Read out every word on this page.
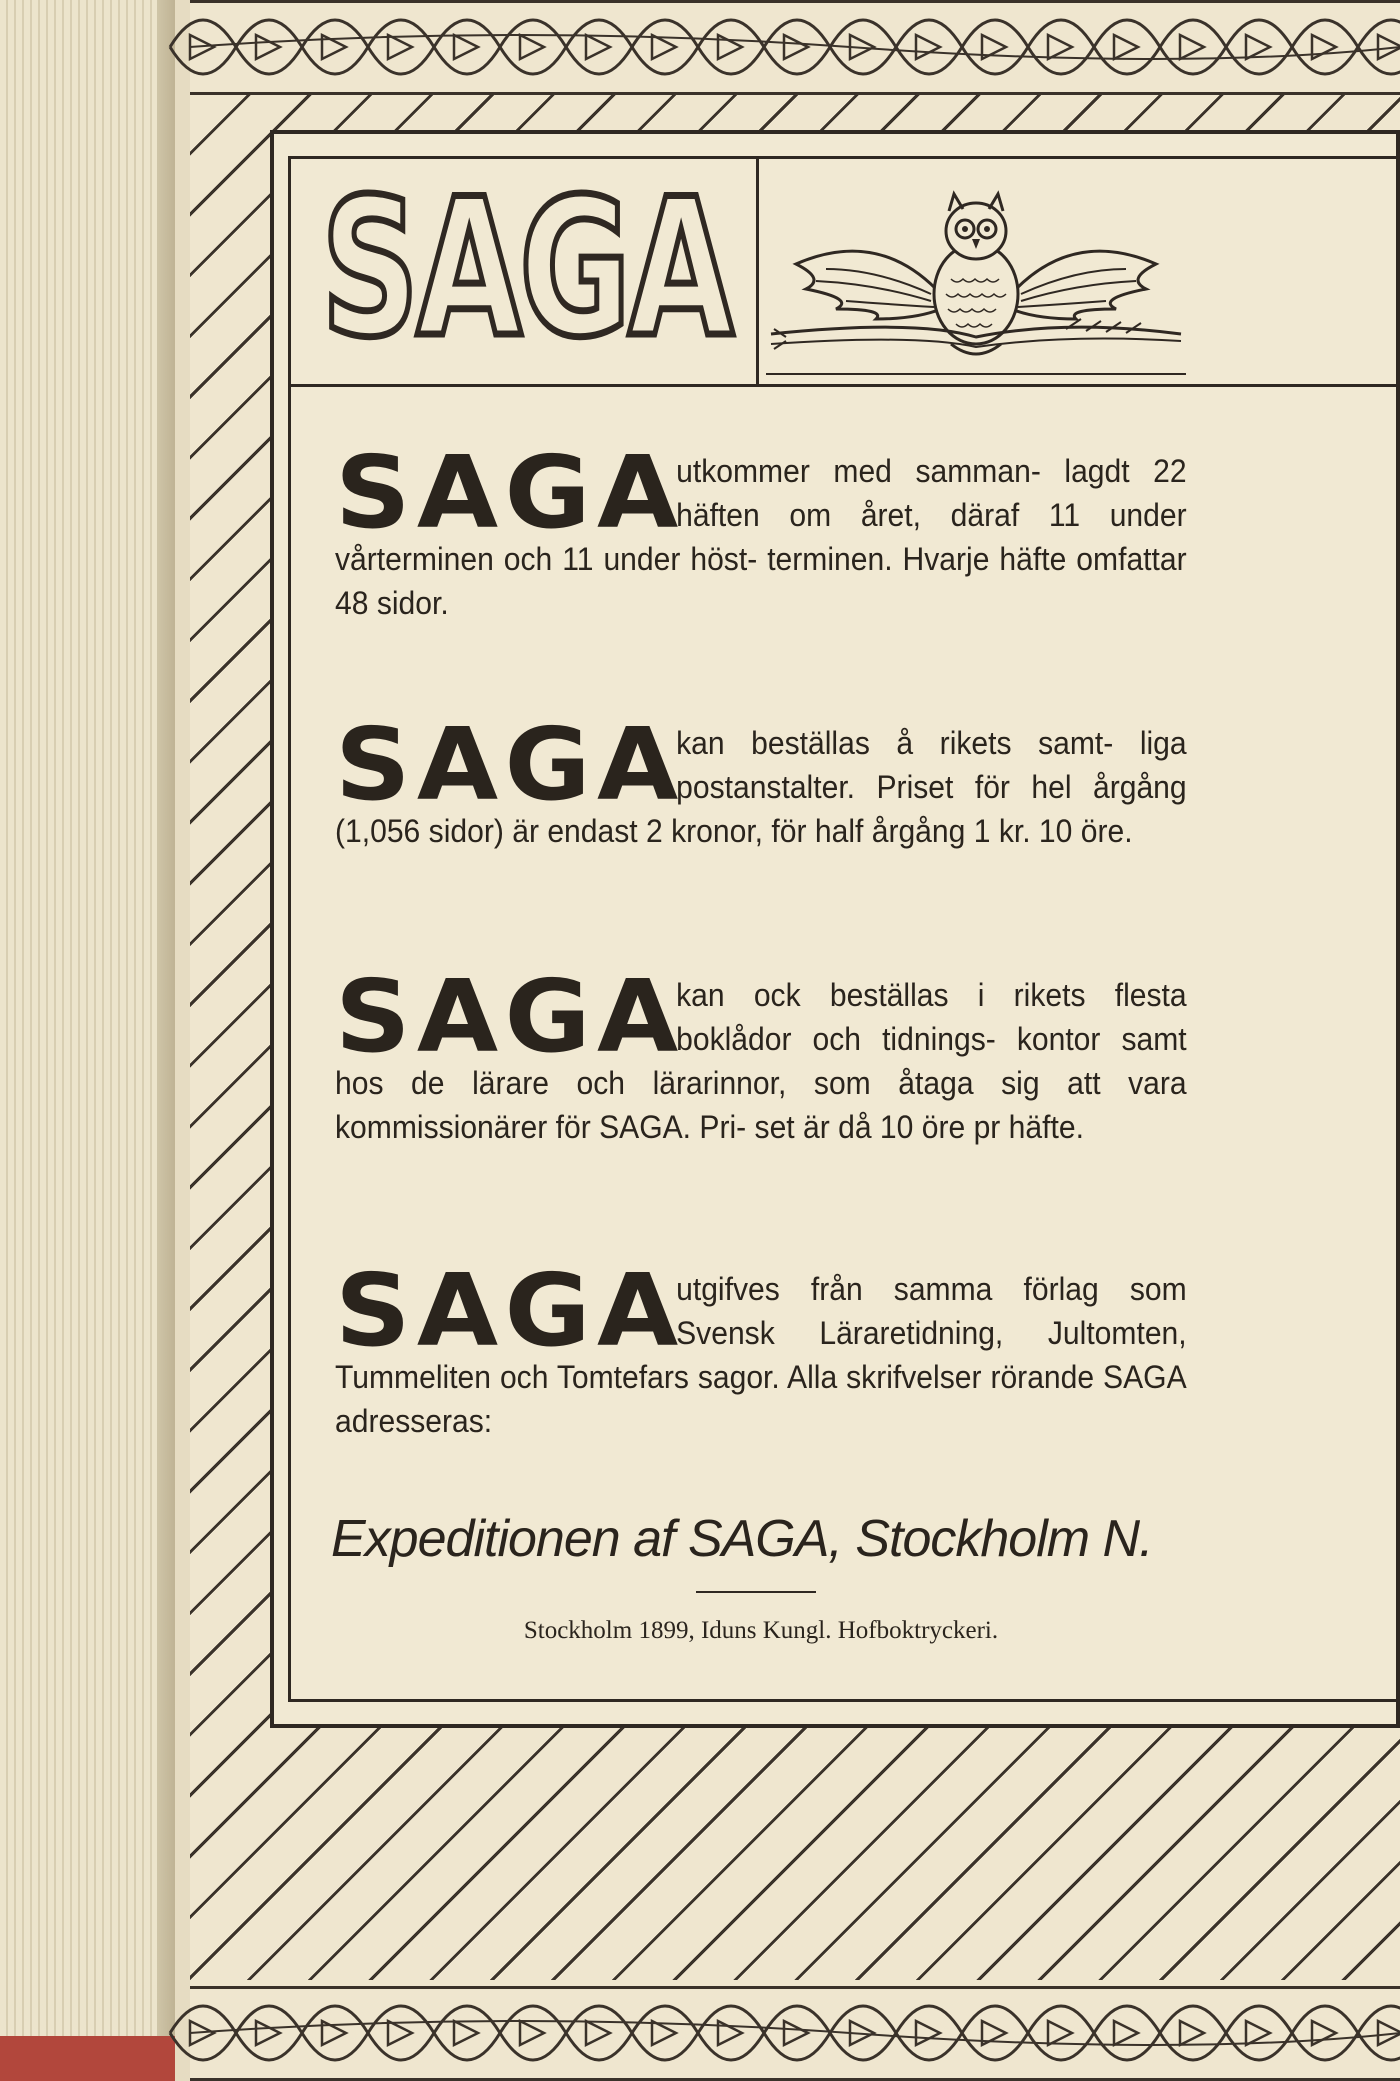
SAGA
SAGA
utkommer med samman- lagdt 22 häften om året, däraf 11 under vårterminen och 11 under höst- terminen. Hvarje häfte omfattar 48 sidor.
SAGA
kan beställas å rikets samt- liga postanstalter. Priset för hel årgång (1,056 sidor) är endast 2 kronor, för half årgång 1 kr. 10 öre.
SAGA
kan ock beställas i rikets flesta boklådor och tidnings- kontor samt hos de lärare och lärarinnor, som åtaga sig att vara kommissionärer för SAGA. Pri- set är då 10 öre pr häfte.
SAGA
utgifves från samma förlag som Svensk Läraretidning, Jultomten, Tummeliten och Tomtefars sagor. Alla skrifvelser rörande SAGA adresseras:
Expeditionen af SAGA, Stockholm N.
Stockholm 1899, Iduns Kungl. Hofboktryckeri.
